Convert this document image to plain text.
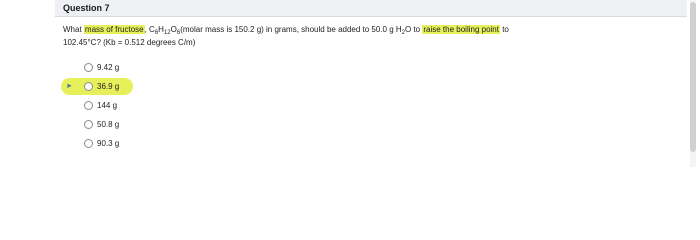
Question 7
What mass of fructose, $C_6H_{12}O_6(molar$ mass is 150.2 g) in grams, should be added to 50.0 g $H_2O$ to raise the boiling point to
102.45°C? (Kb = 0.512 degrees C/m)
9.42 g
➤	36.9 g
144 g
50.8 g
90.3 g
